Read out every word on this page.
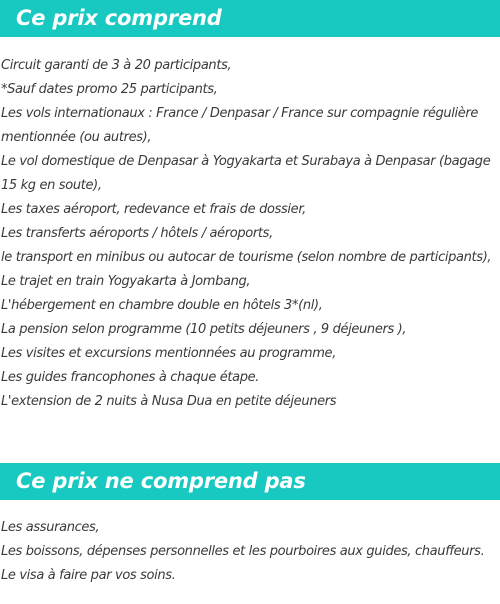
Ce prix comprend
Circuit garanti de 3 à 20 participants,
*Sauf dates promo 25 participants,
Les vols internationaux : France / Denpasar / France sur compagnie régulière mentionnée (ou autres),
Le vol domestique de Denpasar à Yogyakarta et Surabaya à Denpasar (bagage 15 kg en soute),
Les taxes aéroport, redevance et frais de dossier,
Les transferts aéroports / hôtels / aéroports,
le transport en minibus ou autocar de tourisme (selon nombre de participants),
Le trajet en train Yogyakarta à Jombang,
L'hébergement en chambre double en hôtels 3*(nl),
La pension selon programme (10 petits déjeuners , 9 déjeuners ),
Les visites et excursions mentionnées au programme,
Les guides francophones à chaque étape.
L'extension de 2 nuits à Nusa Dua en petite déjeuners
Ce prix ne comprend pas
Les assurances,
Les boissons, dépenses personnelles et les pourboires aux guides, chauffeurs.
Le visa à faire par vos soins.
